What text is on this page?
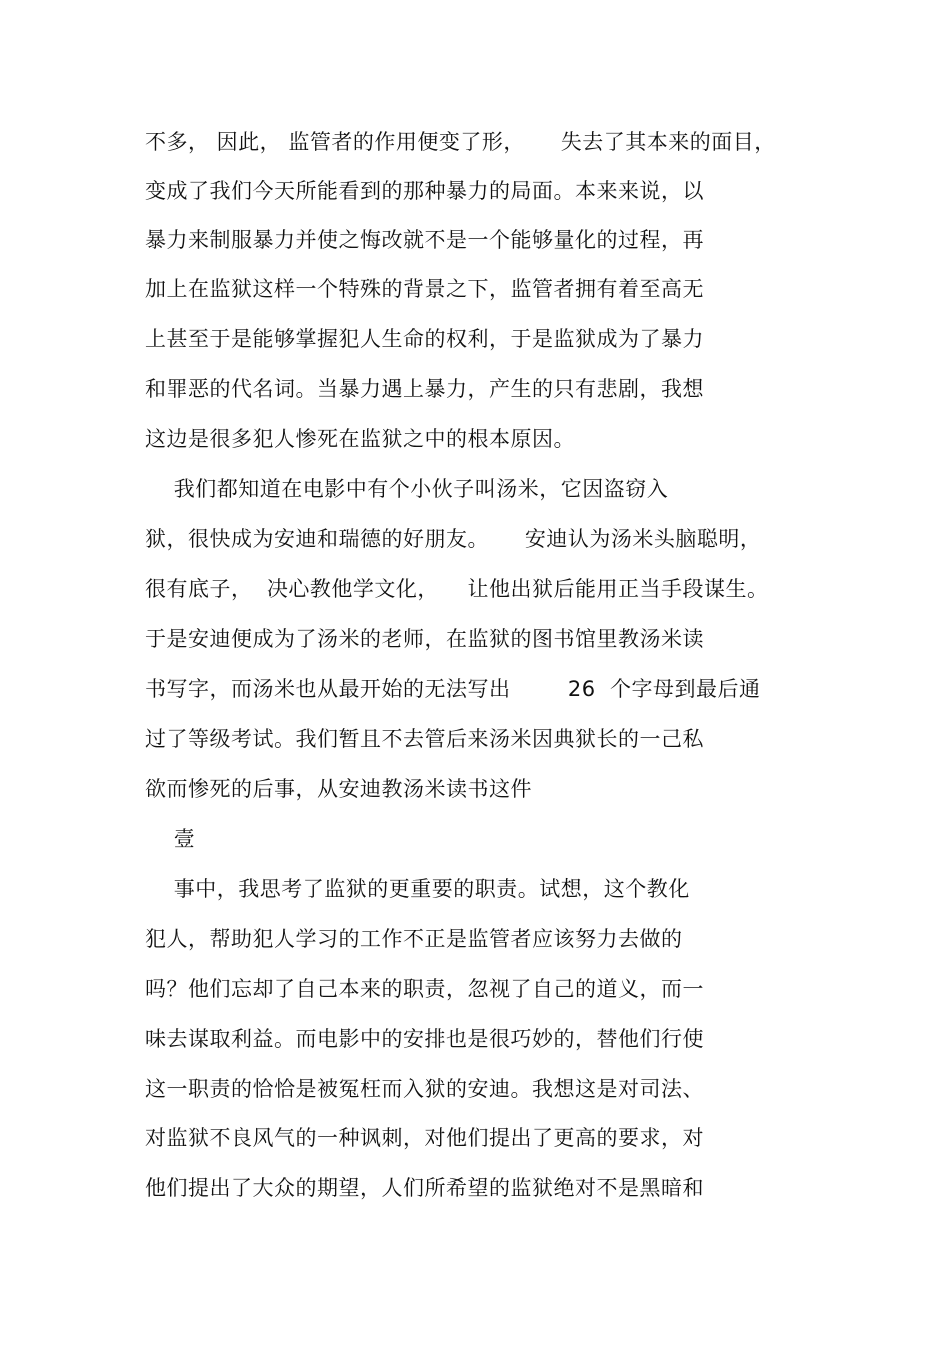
不多， 因此， 监管者的作用便变了形，     失去了其本来的面目，
变成了我们今天所能看到的那种暴力的局面。本来来说，以
暴力来制服暴力并使之悔改就不是一个能够量化的过程，再
加上在监狱这样一个特殊的背景之下，监管者拥有着至高无
上甚至于是能够掌握犯人生命的权利，于是监狱成为了暴力
和罪恶的代名词。当暴力遇上暴力，产生的只有悲剧，我想
这边是很多犯人惨死在监狱之中的根本原因。
我们都知道在电影中有个小伙子叫汤米，它因盗窃入
狱，很快成为安迪和瑞德的好朋友。     安迪认为汤米头脑聪明，
很有底子，  决心教他学文化，    让他出狱后能用正当手段谋生。
于是安迪便成为了汤米的老师，在监狱的图书馆里教汤米读
书写字，而汤米也从最开始的无法写出        26  个字母到最后通
过了等级考试。我们暂且不去管后来汤米因典狱长的一己私
欲而惨死的后事，从安迪教汤米读书这件
壹
事中，我思考了监狱的更重要的职责。试想，这个教化
犯人，帮助犯人学习的工作不正是监管者应该努力去做的
吗？他们忘却了自己本来的职责，忽视了自己的道义，而一
味去谋取利益。而电影中的安排也是很巧妙的，替他们行使
这一职责的恰恰是被冤枉而入狱的安迪。我想这是对司法、
对监狱不良风气的一种讽刺，对他们提出了更高的要求，对
他们提出了大众的期望，人们所希望的监狱绝对不是黑暗和
